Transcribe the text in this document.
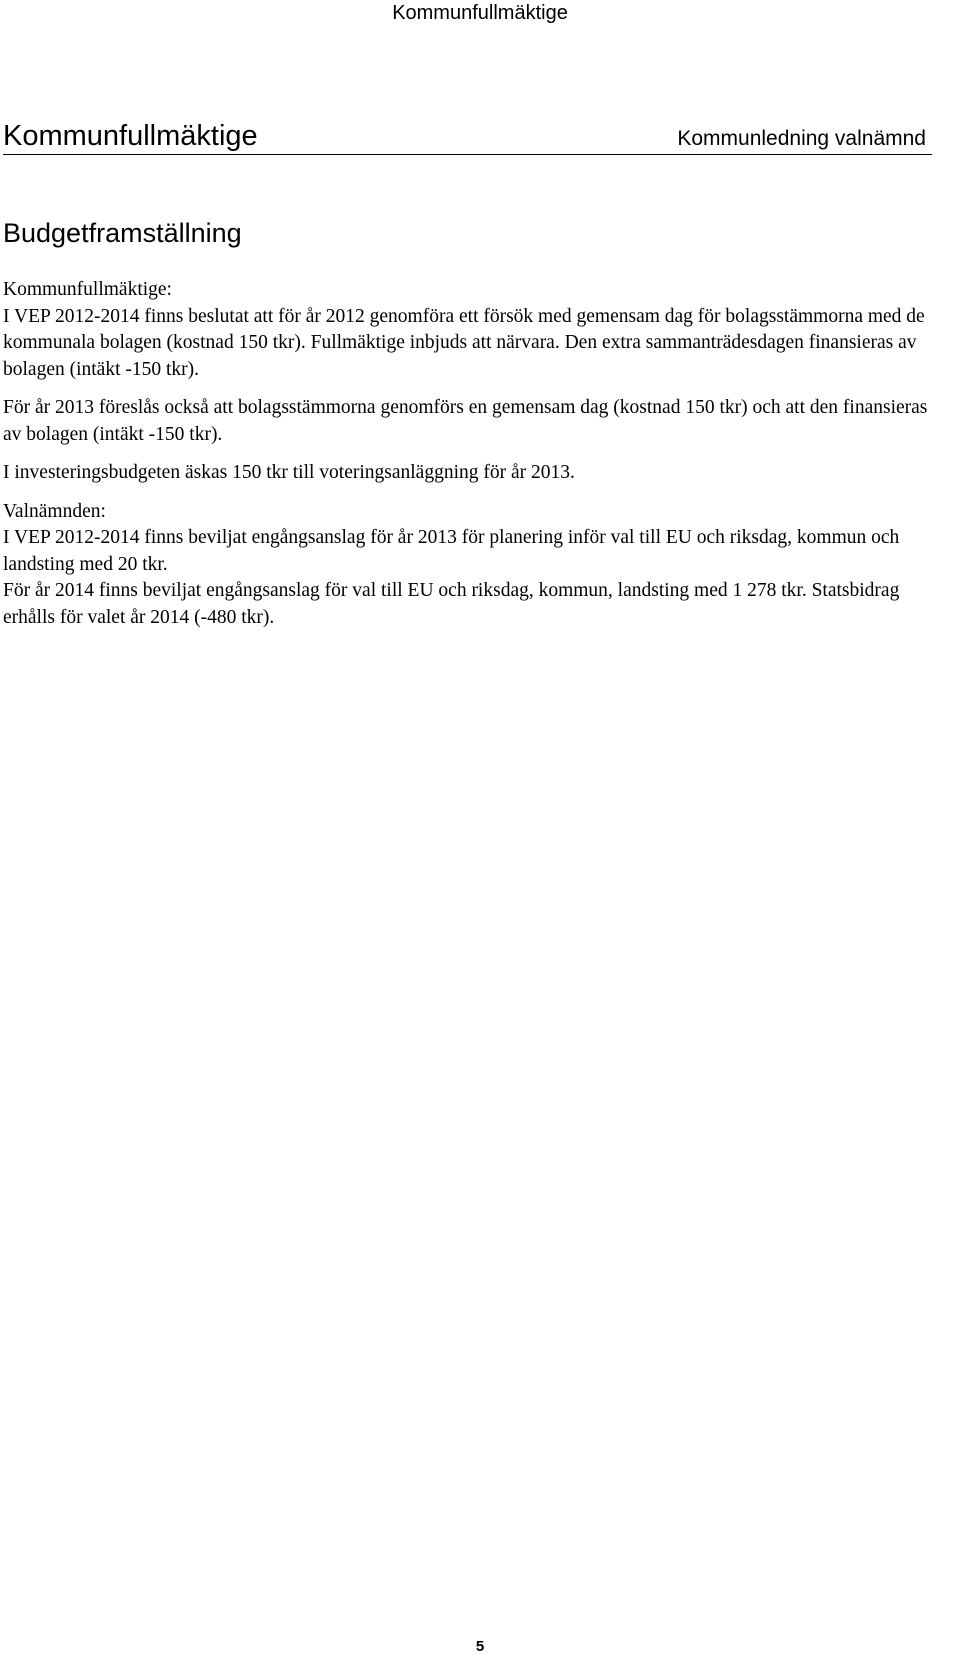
Kommunfullmäktige
Kommunfullmäktige	Kommunledning valnämnd
Budgetframställning

Kommunfullmäktige:

I VEP 2012-2014 finns beslutat att för år 2012 genomföra ett försök med gemensam dag för bolagsstämmorna med de kommunala bolagen (kostnad 150 tkr). Fullmäktige inbjuds att närvara. Den extra sammanträdesdagen finansieras av bolagen (intäkt -150 tkr).

För år 2013 föreslås också att bolagsstämmorna genomförs en gemensam dag (kostnad 150 tkr) och att den finansieras av bolagen (intäkt -150 tkr).

I investeringsbudgeten äskas 150 tkr till voteringsanläggning för år 2013.

Valnämnden:

I VEP 2012-2014 finns beviljat engångsanslag för år 2013 för planering inför val till EU och riksdag, kommun och landsting med 20 tkr.

För år 2014 finns beviljat engångsanslag för val till EU och riksdag, kommun, landsting med 1 278 tkr. Statsbidrag erhålls för valet år 2014 (-480 tkr).

5
